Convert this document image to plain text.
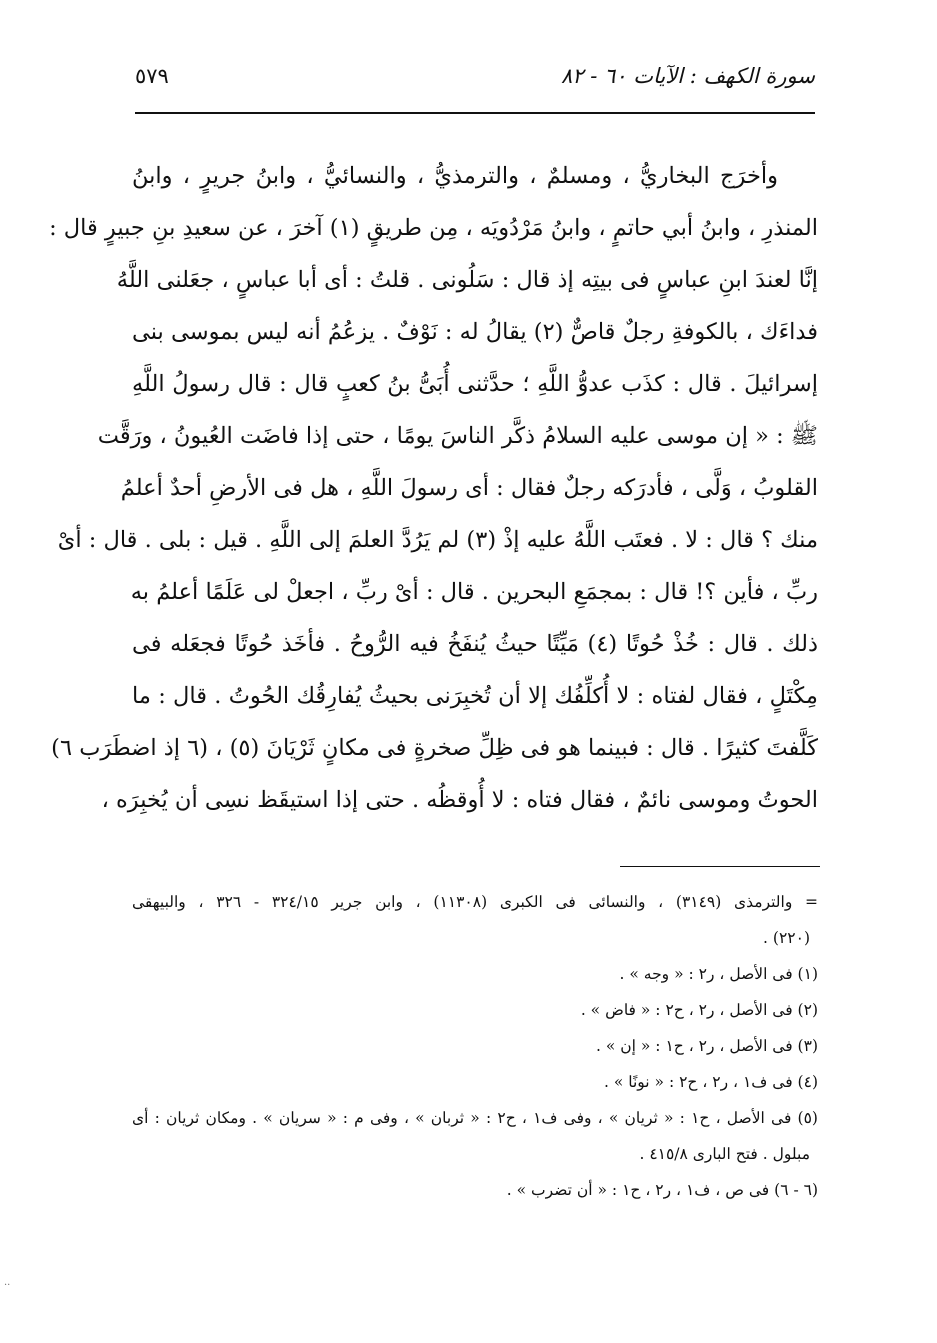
سورة الكهف : الآيات ٦٠ - ٨٢
٥٧٩
وأخرَج البخاريُّ ، ومسلمٌ ، والترمذيُّ ، والنسائيُّ ، وابنُ جريرٍ ، وابنُ
المنذرِ ، وابنُ أبي حاتمٍ ، وابنُ مَرْدُويَه ، مِن طريقٍ (١) آخرَ ، عن سعيدِ بنِ جبيرٍ قال :
إنَّا لعندَ ابنِ عباسٍ فى بيتِه إذ قال : سَلُونى . قلتُ : أى أبا عباسٍ ، جعَلنى اللَّهُ
فداءَك ، بالكوفةِ رجلٌ قاصٌّ (٢) يقالُ له : نَوْفٌ . يزعُمُ أنه ليس بموسى بنى
إسرائيلَ . قال : كذَب عدوُّ اللَّهِ ؛ حدَّثنى أُبَىُّ بنُ كعبٍ قال : قال رسولُ اللَّهِ
ﷺ : « إن موسى عليه السلامُ ذكَّر الناسَ يومًا ، حتى إذا فاضَت العُيونُ ، ورَقَّت
القلوبُ ، وَلَّى ، فأدرَكه رجلٌ فقال : أى رسولَ اللَّهِ ، هل فى الأرضِ أحدٌ أعلمُ
منك ؟ قال : لا . فعتَب اللَّهُ عليه إذْ (٣) لم يَرُدَّ العلمَ إلى اللَّهِ . قيل : بلى . قال : أىْ
ربِّ ، فأين ؟! قال : بمجمَعِ البحرين . قال : أىْ ربِّ ، اجعلْ لى عَلَمًا أعلمُ به
ذلك . قال : خُذْ حُوتًا (٤) مَيِّتًا حيثُ يُنفَخُ فيه الرُّوحُ . فأخَذ حُوتًا فجعَله فى
مِكْتَلٍ ، فقال لفتاه : لا أُكلِّفُك إلا أن تُخبِرَنى بحيثُ يُفارِقُك الحُوتُ . قال : ما
كَلَّفتَ كثيرًا . قال : فبينما هو فى ظِلِّ صخرةٍ فى مكانٍ ثَرْيَانَ (٥) ، (٦ إذ اضطَرَب ٦)
الحوتُ وموسى نائمٌ ، فقال فتاه : لا أُوقظُه . حتى إذا استيقَظ نسِى أن يُخبِرَه ،
= والترمذى (٣١٤٩) ، والنسائى فى الكبرى (١١٣٠٨) ، وابن جرير ٣٢٤/١٥ - ٣٢٦ ، والبيهقى
(٢٢٠) .
(١) فى الأصل ، ر٢ : « وجه » .
(٢) فى الأصل ، ر٢ ، ح٢ : « فاض » .
(٣) فى الأصل ، ر٢ ، ح١ : « إن » .
(٤) فى ف١ ، ر٢ ، ح٢ : « نونًا » .
(٥) فى الأصل ، ح١ : « ثريان » ، وفى ف١ ، ح٢ : « ثربان » ، وفى م : « سريان » . ومكان ثريان : أى
مبلول . فتح البارى ٤١٥/٨ .
(٦ - ٦) فى ص ، ف١ ، ر٢ ، ح١ : « أن تضرب » .
··
